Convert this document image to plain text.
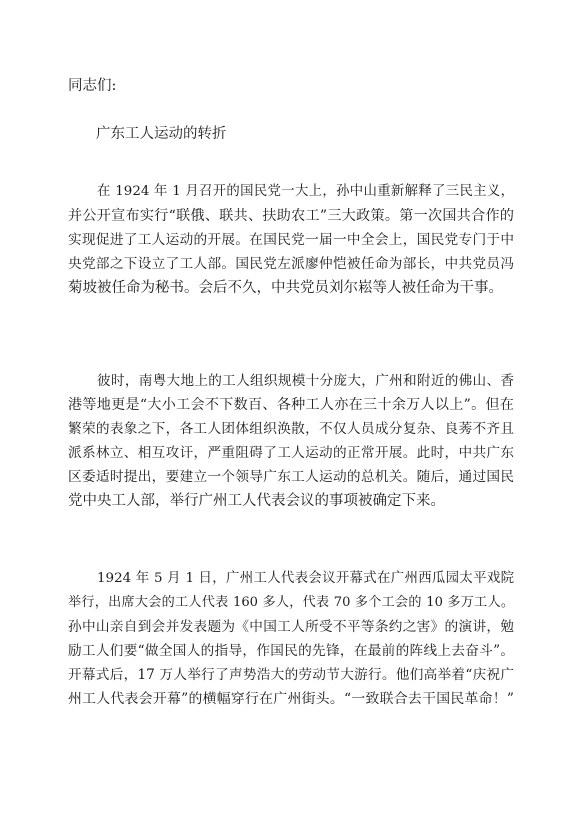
同志们:
广东工人运动的转折
在 1924 年 1 月召开的国民党一大上，孙中山重新解释了三民主义，
并公开宣布实行“联俄、联共、扶助农工”三大政策。第一次国共合作的
实现促进了工人运动的开展。在国民党一届一中全会上，国民党专门于中
央党部之下设立了工人部。国民党左派廖仲恺被任命为部长，中共党员冯
菊坡被任命为秘书。会后不久，中共党员刘尔崧等人被任命为干事。
彼时，南粤大地上的工人组织规模十分庞大，广州和附近的佛山、香
港等地更是“大小工会不下数百、各种工人亦在三十余万人以上”。但在
繁荣的表象之下，各工人团体组织涣散，不仅人员成分复杂、良莠不齐且
派系林立、相互攻讦，严重阻碍了工人运动的正常开展。此时，中共广东
区委适时提出，要建立一个领导广东工人运动的总机关。随后，通过国民
党中央工人部，举行广州工人代表会议的事项被确定下来。
1924 年 5 月 1 日，广州工人代表会议开幕式在广州西瓜园太平戏院
举行，出席大会的工人代表 160 多人，代表 70 多个工会的 10 多万工人。
孙中山亲自到会并发表题为《中国工人所受不平等条约之害》的演讲，勉
励工人们要“做全国人的指导，作国民的先锋，在最前的阵线上去奋斗”。
开幕式后，17 万人举行了声势浩大的劳动节大游行。他们高举着“庆祝广
州工人代表会开幕”的横幅穿行在广州街头。“一致联合去干国民革命！”
